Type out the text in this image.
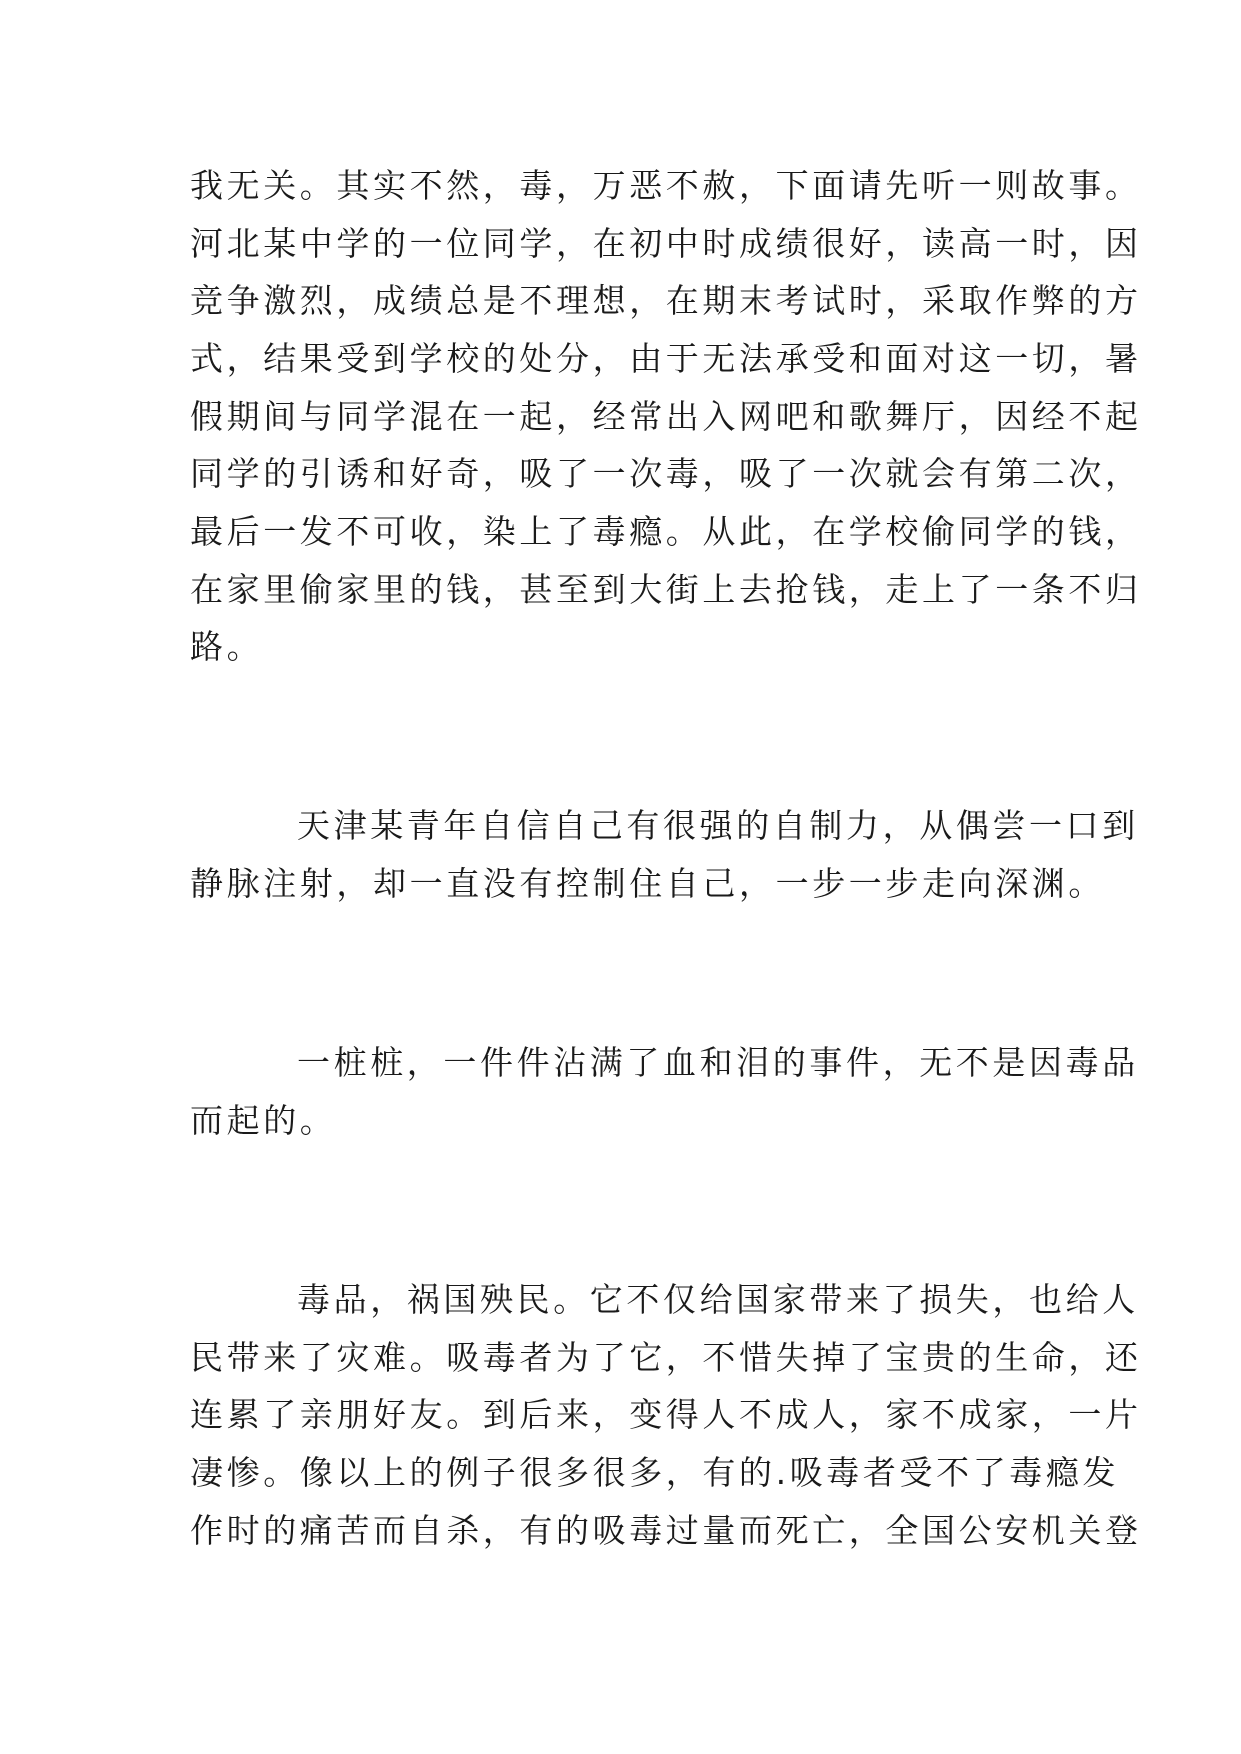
我无关。其实不然，毒，万恶不赦，下面请先听一则故事。

河北某中学的一位同学，在初中时成绩很好，读高一时，因

竞争激烈，成绩总是不理想，在期末考试时，采取作弊的方

式，结果受到学校的处分，由于无法承受和面对这一切，暑

假期间与同学混在一起，经常出入网吧和歌舞厅，因经不起

同学的引诱和好奇，吸了一次毒，吸了一次就会有第二次，

最后一发不可收，染上了毒瘾。从此，在学校偷同学的钱，

在家里偷家里的钱，甚至到大街上去抢钱，走上了一条不归

路。

天津某青年自信自己有很强的自制力，从偶尝一口到

静脉注射，却一直没有控制住自己，一步一步走向深渊。

一桩桩，一件件沾满了血和泪的事件，无不是因毒品

而起的。

毒品，祸国殃民。它不仅给国家带来了损失，也给人

民带来了灾难。吸毒者为了它，不惜失掉了宝贵的生命，还

连累了亲朋好友。到后来，变得人不成人，家不成家，一片

凄惨。像以上的例子很多很多，有的.吸毒者受不了毒瘾发

作时的痛苦而自杀，有的吸毒过量而死亡，全国公安机关登
